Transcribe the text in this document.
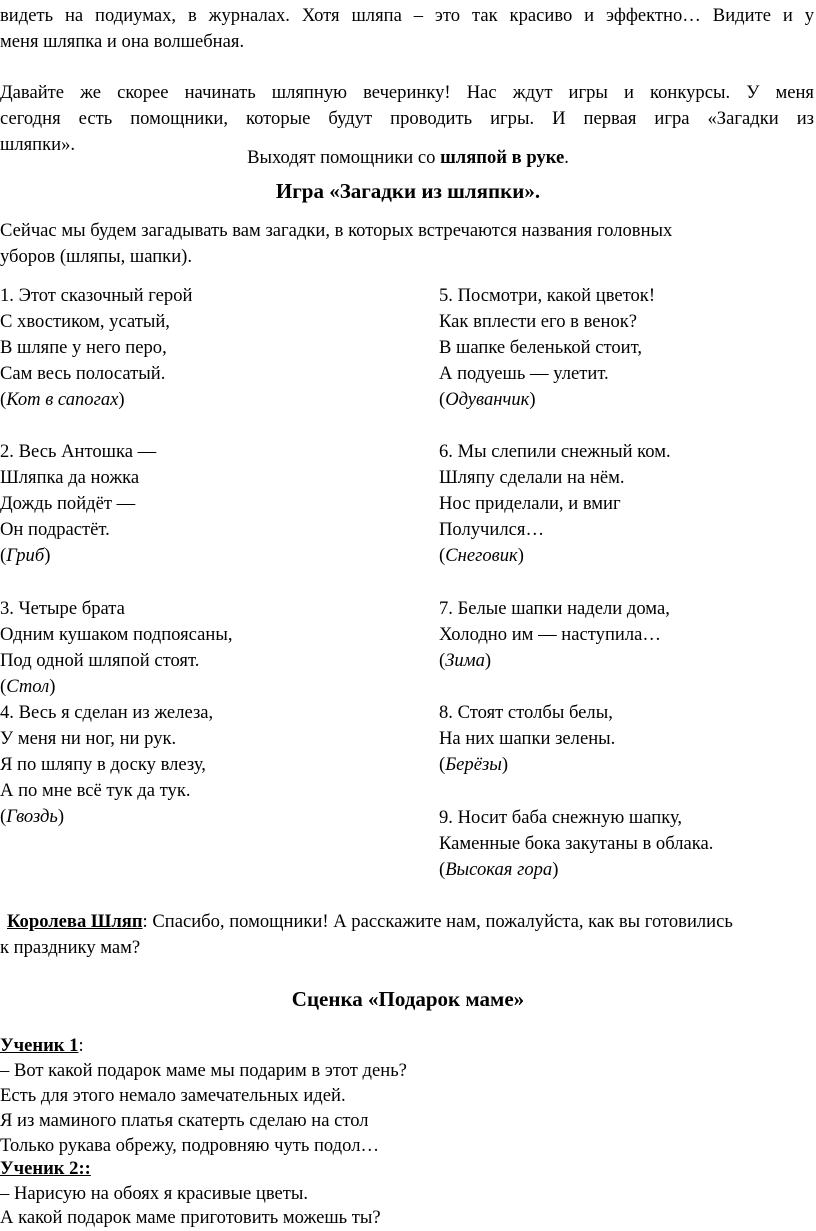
видеть на подиумах, в журналах. Хотя шляпа – это так красиво и эффектно… Видите и у
меня шляпка и она волшебная.
Давайте же скорее начинать шляпную вечеринку! Нас ждут игры и конкурсы. У меня
сегодня есть помощники, которые будут проводить игры. И первая игра «Загадки из
шляпки».
Выходят помощники со шляпой в руке.
Игра «Загадки из шляпки».
Сейчас мы будем загадывать вам загадки, в которых встречаются названия головных
уборов (шляпы, шапки).
1. Этот сказочный герой
С хвостиком, усатый,
В шляпе у него перо,
Сам весь полосатый.
(Кот в сапогах)
2. Весь Антошка —
Шляпка да ножка
Дождь пойдёт —
Он подрастёт.
(Гриб)
3. Четыре брата
Одним кушаком подпоясаны,
Под одной шляпой стоят.
(Стол)
4. Весь я сделан из железа,
У меня ни ног, ни рук.
Я по шляпу в доску влезу,
А по мне всё тук да тук.
(Гвоздь)
5. Посмотри, какой цветок!
Как вплести его в венок?
В шапке беленькой стоит,
А подуешь — улетит.
(Одуванчик)
6. Мы слепили снежный ком.
Шляпу сделали на нём.
Нос приделали, и вмиг
Получился…
(Снеговик)
7. Белые шапки надели дома,
Холодно им — наступила…
(Зима)
8. Стоят столбы белы,
На них шапки зелены.
(Берёзы)
9. Носит баба снежную шапку,
Каменные бока закутаны в облака.
(Высокая гора)
Королева Шляп: Спасибо, помощники! А расскажите нам, пожалуйста, как вы готовились
к празднику мам?
Сценка «Подарок маме»
Ученик 1:
– Вот какой подарок маме мы подарим в этот день?
Есть для этого немало замечательных идей.
Я из маминого платья скатерть сделаю на стол
Только рукава обрежу, подровняю чуть подол…
Ученик 2::
– Нарисую на обоях я красивые цветы.
А какой подарок маме приготовить можешь ты?
